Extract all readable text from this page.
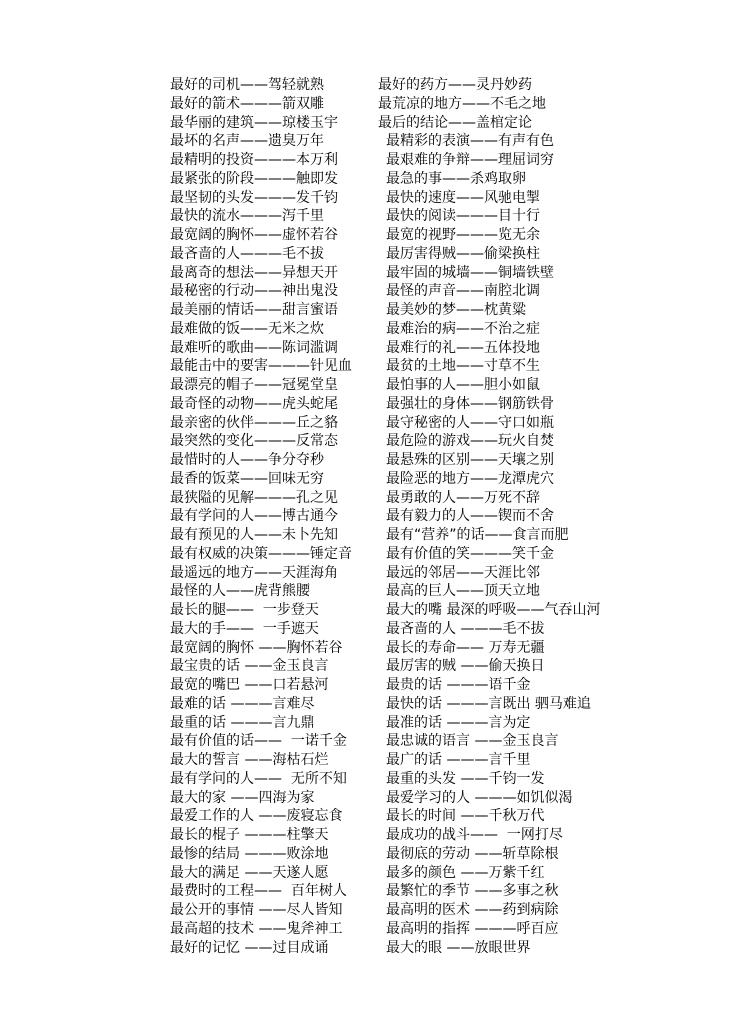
最好的司机——驾轻就熟	最好的药方——灵丹妙药
最好的箭术———箭双雕	最荒凉的地方——不毛之地
最华丽的建筑——琼楼玉宇	最后的结论——盖棺定论
最坏的名声——遗臭万年	最精彩的表演——有声有色
最精明的投资———本万利	最艰难的争辩——理屈词穷
最紧张的阶段———触即发	最急的事——杀鸡取卵
最坚韧的头发———发千钧	最快的速度——风驰电掣
最快的流水———泻千里	最快的阅读———目十行
最宽阔的胸怀——虚怀若谷	最宽的视野———览无余
最吝啬的人———毛不拔	最厉害得贼——偷梁换柱
最离奇的想法——异想天开	最牢固的城墙——铜墙铁壁
最秘密的行动——神出鬼没	最怪的声音——南腔北调
最美丽的情话——甜言蜜语	最美妙的梦——枕黄粱
最难做的饭——无米之炊	最难治的病——不治之症
最难听的歌曲——陈词滥调	最难行的礼——五体投地
最能击中的要害———针见血 最贫的土地——寸草不生
最漂亮的帽子——冠冕堂皇	最怕事的人——胆小如鼠
最奇怪的动物——虎头蛇尾	最强壮的身体——钢筋铁骨
最亲密的伙伴———丘之貉	最守秘密的人——守口如瓶
最突然的变化———反常态	最危险的游戏——玩火自焚
最惜时的人——争分夺秒	最悬殊的区别——天壤之别
最香的饭菜——回味无穷	最险恶的地方——龙潭虎穴
最狭隘的见解———孔之见	最勇敢的人——万死不辞
最有学问的人——博古通今	最有毅力的人——锲而不舍
最有预见的人——未卜先知	最有“营养”的话——食言而肥
最有权威的决策———锤定音 最有价值的笑———笑千金
最遥远的地方——天涯海角	最远的邻居——天涯比邻
最怪的人——虎背熊腰	最高的巨人——顶天立地
最长的腿——  一步登天	最大的嘴 最深的呼吸——气吞山河
最大的手——  一手遮天	最吝啬的人 ———毛不拔
最宽阔的胸怀 ——胸怀若谷	最长的寿命—— 万寿无疆
最宝贵的话 ——金玉良言	最厉害的贼 ——偷天换日
最宽的嘴巴 ——口若悬河	最贵的话 ———语千金
最难的话 ———言难尽	最快的话 ———言既出 驷马难追
最重的话 ———言九鼎	最准的话 ———言为定
最有价值的话——  一诺千金	最忠诚的语言 ——金玉良言
最大的誓言 ——海枯石烂	最广的话 ———言千里
最有学问的人——  无所不知	最重的头发 ——千钧一发
最大的家 ——四海为家	最爱学习的人 ———如饥似渴
最爱工作的人 ——废寝忘食	最长的时间 ——千秋万代
最长的棍子 ———柱擎天	最成功的战斗——  一网打尽
最惨的结局 ———败涂地	最彻底的劳动 ——斩草除根
最大的满足 ——天遂人愿	最多的颜色 ——万紫千红
最费时的工程——  百年树人	最繁忙的季节 ——多事之秋
最公开的事情 ——尽人皆知	最高明的医术 ——药到病除
最高超的技术 ——鬼斧神工	最高明的指挥 ———呼百应
最好的记忆 ——过目成诵	最大的眼 ——放眼世界
